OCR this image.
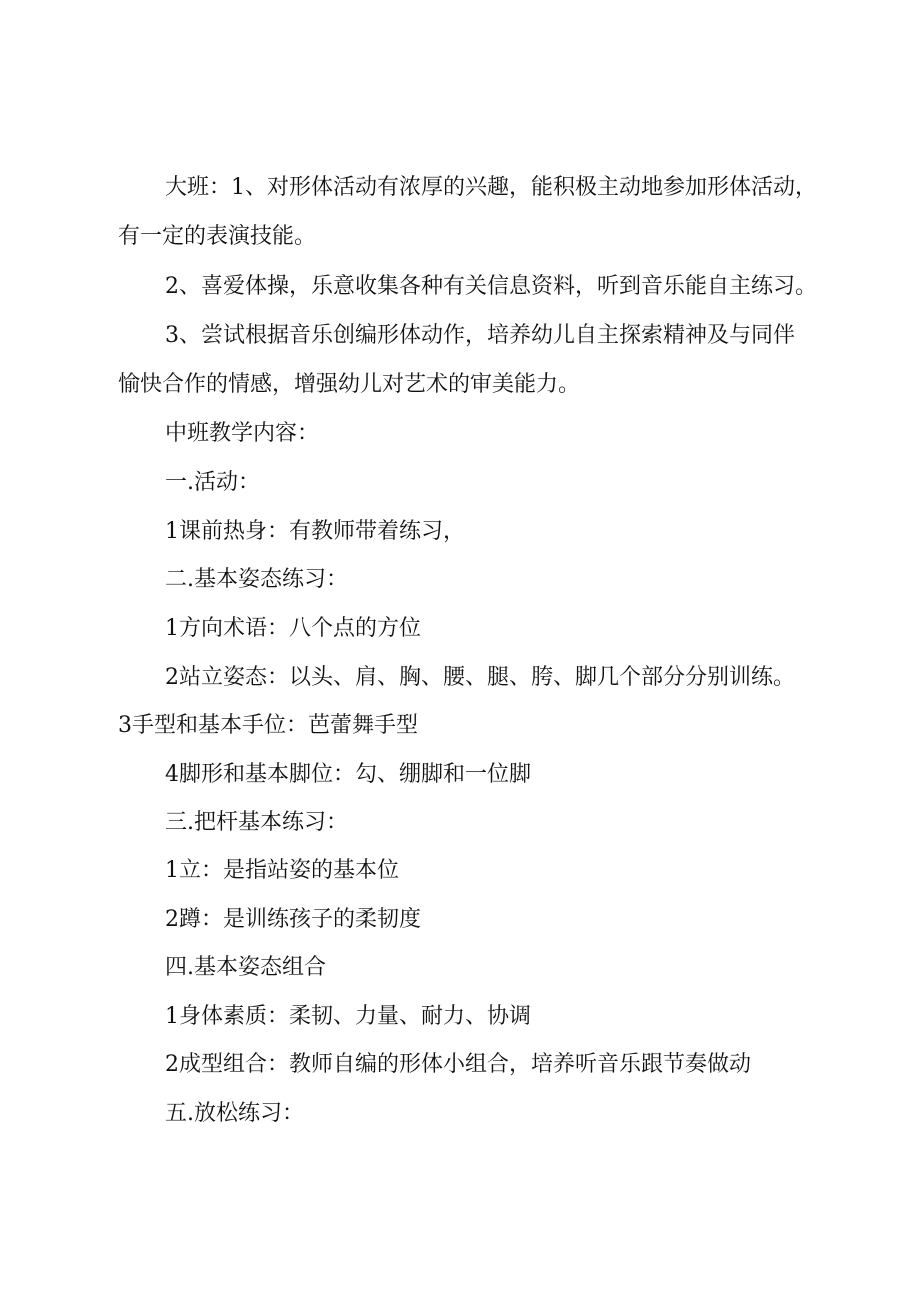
大班：1、对形体活动有浓厚的兴趣，能积极主动地参加形体活动，
有一定的表演技能。
2、喜爱体操，乐意收集各种有关信息资料，听到音乐能自主练习。
3、尝试根据音乐创编形体动作，培养幼儿自主探索精神及与同伴
愉快合作的情感，增强幼儿对艺术的审美能力。
中班教学内容：
一.活动：
1课前热身：有教师带着练习，
二.基本姿态练习：
1方向术语：八个点的方位
2站立姿态：以头、肩、胸、腰、腿、胯、脚几个部分分别训练。
3手型和基本手位：芭蕾舞手型
4脚形和基本脚位：勾、绷脚和一位脚
三.把杆基本练习：
1立：是指站姿的基本位
2蹲：是训练孩子的柔韧度
四.基本姿态组合
1身体素质：柔韧、力量、耐力、协调
2成型组合：教师自编的形体小组合，培养听音乐跟节奏做动
五.放松练习：
